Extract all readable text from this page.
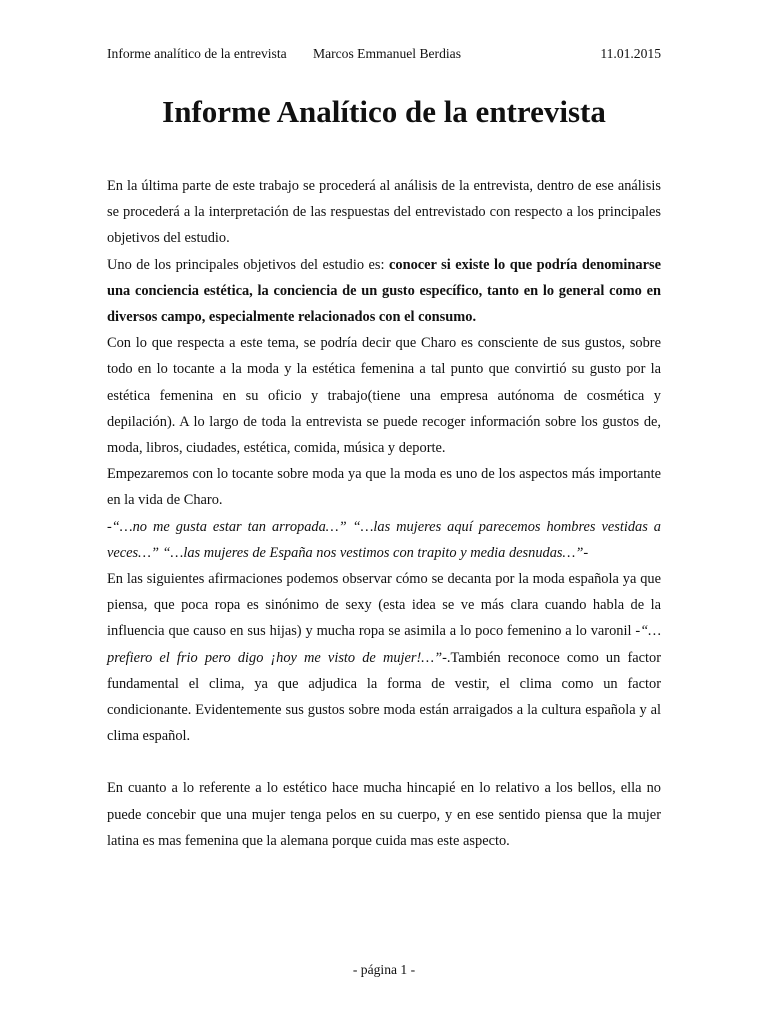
Informe analítico de la entrevista Marcos Emmanuel Berdias	11.01.2015
Informe Analítico de la entrevista

En la última parte de este trabajo se procederá al análisis de la entrevista, dentro de ese análisis se procederá a la interpretación de las respuestas del entrevistado con respecto a los principales objetivos del estudio.

Uno de los principales objetivos del estudio es: conocer si existe lo que podría denominarse una conciencia estética, la conciencia de un gusto específico, tanto en lo general como en diversos campo, especialmente relacionados con el consumo.

Con lo que respecta a este tema, se podría decir que Charo es consciente de sus gustos, sobre todo en lo tocante a la moda y la estética femenina a tal punto que convirtió su gusto por la estética femenina en su oficio y trabajo(tiene una empresa autónoma de cosmética y depilación). A lo largo de toda la entrevista se puede recoger información sobre los gustos de, moda, libros, ciudades, estética, comida, música y deporte.

Empezaremos con lo tocante sobre moda ya que la moda es uno de los aspectos más importante en la vida de Charo.

-“…no me gusta estar tan arropada…” “…las mujeres aquí parecemos hombres vestidas a veces…” “…las mujeres de España nos vestimos con trapito y media desnudas…”-

En las siguientes afirmaciones podemos observar cómo se decanta por la moda española ya que piensa, que poca ropa es sinónimo de sexy (esta idea se ve más clara cuando habla de la influencia que causo en sus hijas) y mucha ropa se asimila a lo poco femenino a lo varonil -“…prefiero el frio pero digo ¡hoy me visto de mujer!…”-.También reconoce como un factor fundamental el clima, ya que adjudica la forma de vestir, el clima como un factor condicionante. Evidentemente sus gustos sobre moda están arraigados a la cultura española y al clima español.

En cuanto a lo referente a lo estético hace mucha hincapié en lo relativo a los bellos, ella no puede concebir que una mujer tenga pelos en su cuerpo, y en ese sentido piensa que la mujer latina es mas femenina que la alemana porque cuida mas este aspecto.

- página 1 -
